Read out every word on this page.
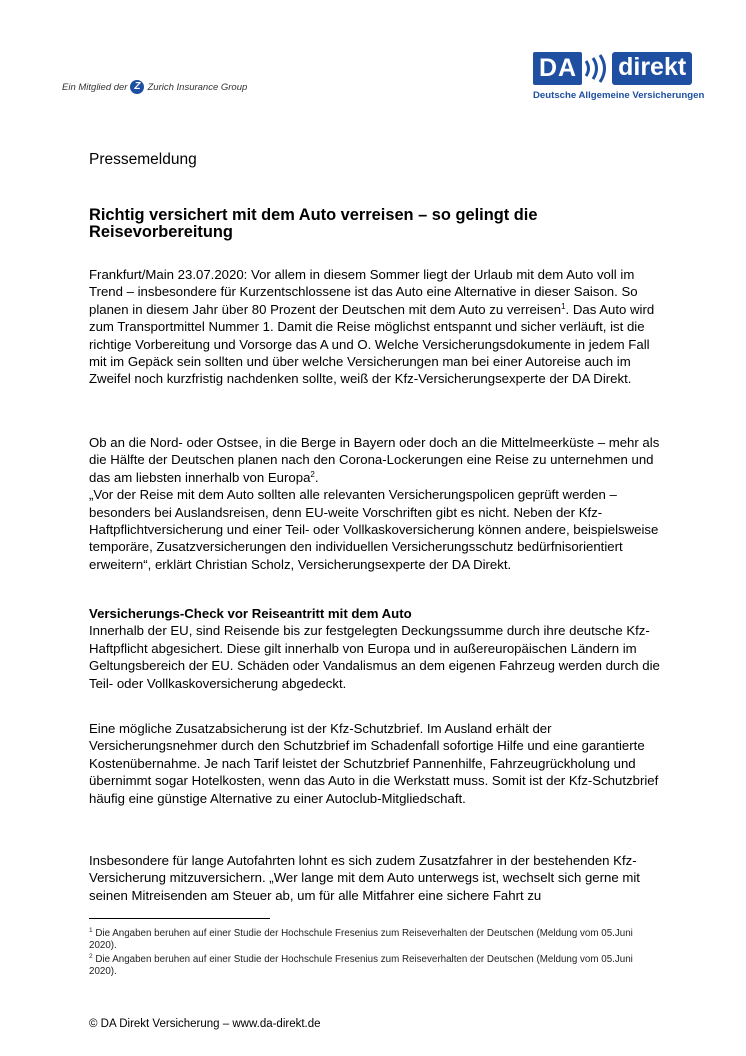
Ein Mitglied der Z Zurich Insurance Group
DA direkt
Deutsche Allgemeine Versicherungen
Pressemeldung
Richtig versichert mit dem Auto verreisen – so gelingt die Reisevorbereitung

Frankfurt/Main 23.07.2020: Vor allem in diesem Sommer liegt der Urlaub mit dem Auto voll im Trend – insbesondere für Kurzentschlossene ist das Auto eine Alternative in dieser Saison. So planen in diesem Jahr über 80 Prozent der Deutschen mit dem Auto zu verreisen$^1$. Das Auto wird zum Transportmittel Nummer 1. Damit die Reise möglichst entspannt und sicher verläuft, ist die richtige Vorbereitung und Vorsorge das A und O. Welche Versicherungsdokumente in jedem Fall mit im Gepäck sein sollten und über welche Versicherungen man bei einer Autoreise auch im Zweifel noch kurzfristig nachdenken sollte, weiß der Kfz-Versicherungsexperte der DA Direkt.

Ob an die Nord- oder Ostsee, in die Berge in Bayern oder doch an die Mittelmeerküste – mehr als die Hälfte der Deutschen planen nach den Corona-Lockerungen eine Reise zu unternehmen und das am liebsten innerhalb von Europa$^2$.

„Vor der Reise mit dem Auto sollten alle relevanten Versicherungspolicen geprüft werden – besonders bei Auslandsreisen, denn EU-weite Vorschriften gibt es nicht. Neben der Kfz-Haftpflichtversicherung und einer Teil- oder Vollkaskoversicherung können andere, beispielsweise temporäre, Zusatzversicherungen den individuellen Versicherungsschutz bedürfnisorientiert erweitern“, erklärt Christian Scholz, Versicherungsexperte der DA Direkt.

Versicherungs-Check vor Reiseantritt mit dem Auto

Innerhalb der EU, sind Reisende bis zur festgelegten Deckungssumme durch ihre deutsche Kfz-Haftpflicht abgesichert. Diese gilt innerhalb von Europa und in außereuropäischen Ländern im Geltungsbereich der EU. Schäden oder Vandalismus an dem eigenen Fahrzeug werden durch die Teil- oder Vollkaskoversicherung abgedeckt.

Eine mögliche Zusatzabsicherung ist der Kfz-Schutzbrief. Im Ausland erhält der Versicherungsnehmer durch den Schutzbrief im Schadenfall sofortige Hilfe und eine garantierte Kostenübernahme. Je nach Tarif leistet der Schutzbrief Pannenhilfe, Fahrzeugrückholung und übernimmt sogar Hotelkosten, wenn das Auto in die Werkstatt muss. Somit ist der Kfz-Schutzbrief häufig eine günstige Alternative zu einer Autoclub-Mitgliedschaft.

Insbesondere für lange Autofahrten lohnt es sich zudem Zusatzfahrer in der bestehenden Kfz-Versicherung mitzuversichern. „Wer lange mit dem Auto unterwegs ist, wechselt sich gerne mit seinen Mitreisenden am Steuer ab, um für alle Mitfahrer eine sichere Fahrt zu

$^1$ Die Angaben beruhen auf einer Studie der Hochschule Fresenius zum Reiseverhalten der Deutschen (Meldung vom 05.Juni 2020).
$^2$ Die Angaben beruhen auf einer Studie der Hochschule Fresenius zum Reiseverhalten der Deutschen (Meldung vom 05.Juni 2020).
© DA Direkt Versicherung – www.da-direkt.de
